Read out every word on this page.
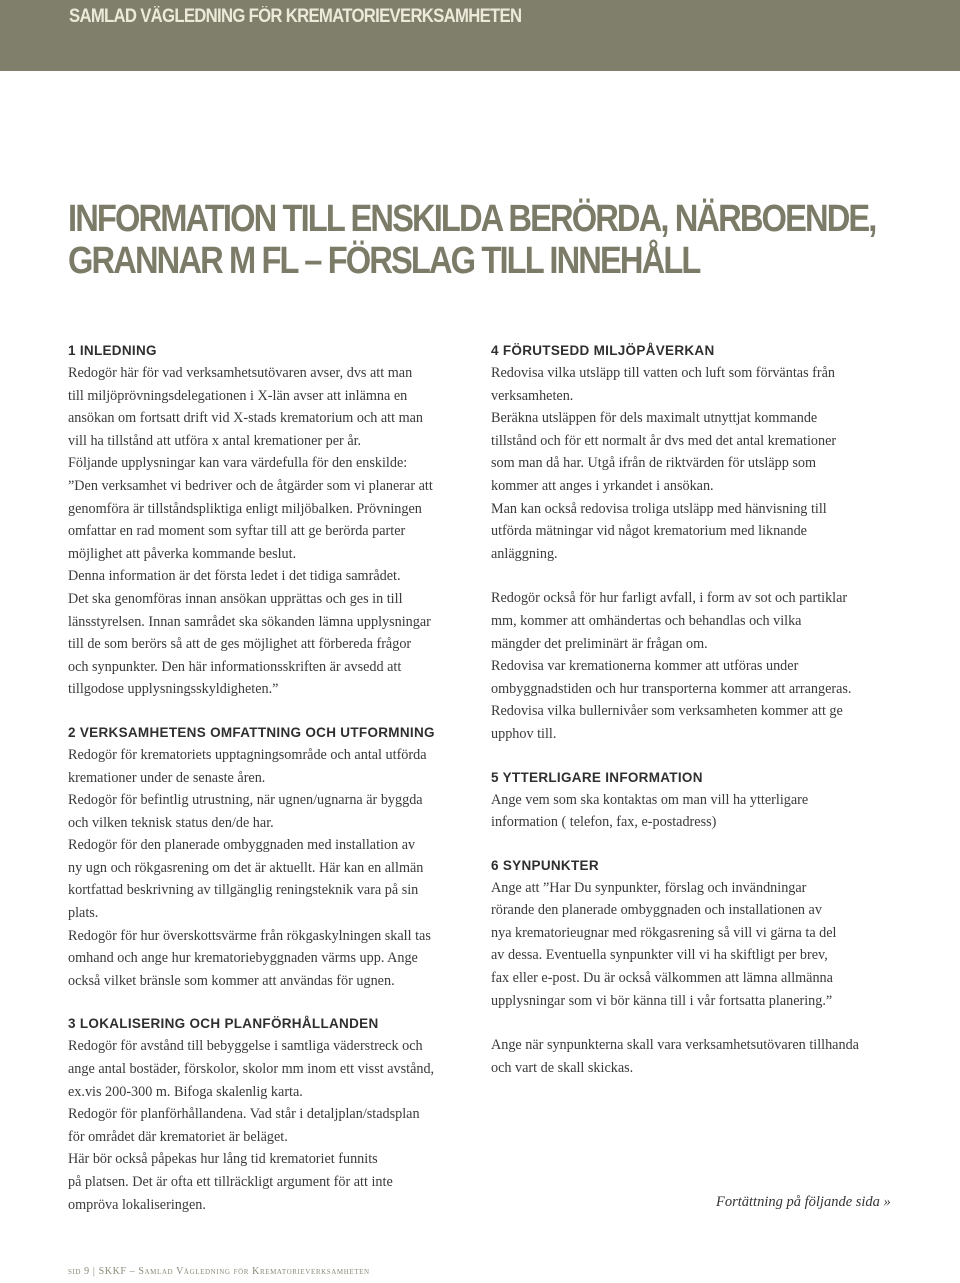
SAMLAD VÄGLEDNING FÖR KREMATORIEVERKSAMHETEN
INFORMATION TILL ENSKILDA BERÖRDA, NÄRBOENDE,
GRANNAR M FL – FÖRSLAG TILL INNEHÅLL
1 INLEDNING

Redogör här för vad verksamhetsutövaren avser, dvs att man

till miljöprövningsdelegationen i X-län avser att inlämna en

ansökan om fortsatt drift vid X-stads krematorium och att man

vill ha tillstånd att utföra x antal kremationer per år.

Följande upplysningar kan vara värdefulla för den enskilde:

”Den verksamhet vi bedriver och de åtgärder som vi planerar att

genomföra är tillståndspliktiga enligt miljöbalken. Prövningen

omfattar en rad moment som syftar till att ge berörda parter

möjlighet att påverka kommande beslut.

Denna information är det första ledet i det tidiga samrådet.

Det ska genomföras innan ansökan upprättas och ges in till

länsstyrelsen. Innan samrådet ska sökanden lämna upplysningar

till de som berörs så att de ges möjlighet att förbereda frågor

och synpunkter. Den här informationsskriften är avsedd att

tillgodose upplysningsskyldigheten.”

2 VERKSAMHETENS OMFATTNING OCH UTFORMNING

Redogör för krematoriets upptagningsområde och antal utförda

kremationer under de senaste åren.

Redogör för befintlig utrustning, när ugnen/ugnarna är byggda

och vilken teknisk status den/de har.

Redogör för den planerade ombyggnaden med installation av

ny ugn och rökgasrening om det är aktuellt. Här kan en allmän

kortfattad beskrivning av tillgänglig reningsteknik vara på sin

plats.

Redogör för hur överskottsvärme från rökgaskylningen skall tas

omhand och ange hur krematoriebyggnaden värms upp. Ange

också vilket bränsle som kommer att användas för ugnen.

3 LOKALISERING OCH PLANFÖRHÅLLANDEN

Redogör för avstånd till bebyggelse i samtliga väderstreck och

ange antal bostäder, förskolor, skolor mm inom ett visst avstånd,

ex.vis 200-300 m. Bifoga skalenlig karta.

Redogör för planförhållandena. Vad står i detaljplan/stadsplan

för området där krematoriet är beläget.

Här bör också påpekas hur lång tid krematoriet funnits

på platsen. Det är ofta ett tillräckligt argument för att inte

ompröva lokaliseringen.

4 FÖRUTSEDD MILJÖPÅVERKAN

Redovisa vilka utsläpp till vatten och luft som förväntas från

verksamheten.

Beräkna utsläppen för dels maximalt utnyttjat kommande

tillstånd och för ett normalt år dvs med det antal kremationer

som man då har. Utgå ifrån de riktvärden för utsläpp som

kommer att anges i yrkandet i ansökan.

Man kan också redovisa troliga utsläpp med hänvisning till

utförda mätningar vid något krematorium med liknande

anläggning.

Redogör också för hur farligt avfall, i form av sot och partiklar

mm, kommer att omhändertas och behandlas och vilka

mängder det preliminärt är frågan om.

Redovisa var kremationerna kommer att utföras under

ombyggnadstiden och hur transporterna kommer att arrangeras.

Redovisa vilka bullernivåer som verksamheten kommer att ge

upphov till.

5 YTTERLIGARE INFORMATION

Ange vem som ska kontaktas om man vill ha ytterligare

information ( telefon, fax, e-postadress)

6 SYNPUNKTER

Ange att ”Har Du synpunkter, förslag och invändningar

rörande den planerade ombyggnaden och installationen av

nya krematorieugnar med rökgasrening så vill vi gärna ta del

av dessa. Eventuella synpunkter vill vi ha skiftligt per brev,

fax eller e-post. Du är också välkommen att lämna allmänna

upplysningar som vi bör känna till i vår fortsatta planering.”

Ange när synpunkterna skall vara verksamhetsutövaren tillhanda

och vart de skall skickas.

Fortättning på följande sida »
sid 9 | SKKF – Samlad Vägledning för Krematorieverksamheten
